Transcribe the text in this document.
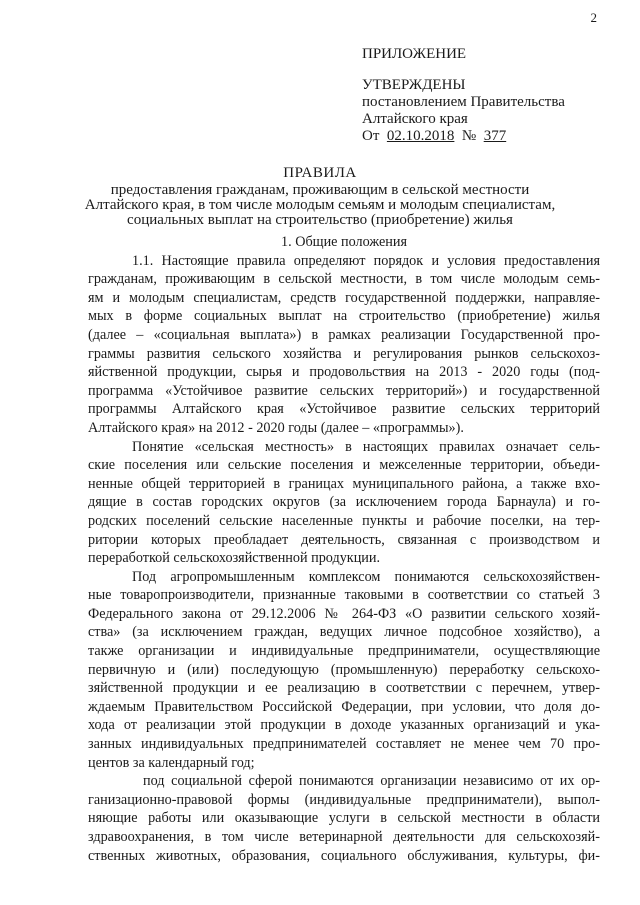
2
ПРИЛОЖЕНИЕ
УТВЕРЖДЕНЫ
постановлением Правительства
Алтайского края
От 02.10.2018 № 377
ПРАВИЛА
предоставления гражданам, проживающим в сельской местности
Алтайского края, в том числе молодым семьям и молодым специалистам,
социальных выплат на строительство (приобретение) жилья
1. Общие положения
1.1. Настоящие правила определяют порядок и условия предоставления
гражданам, проживающим в сельской местности, в том числе молодым семь-
ям и молодым специалистам, средств государственной поддержки, направляе-
мых в форме социальных выплат на строительство (приобретение) жилья
(далее – «социальная выплата») в рамках реализации Государственной про-
граммы развития сельского хозяйства и регулирования рынков сельскохоз-
яйственной продукции, сырья и продовольствия на 2013 - 2020 годы (под-
программа «Устойчивое развитие сельских территорий») и государственной
программы Алтайского края «Устойчивое развитие сельских территорий
Алтайского края» на 2012 - 2020 годы (далее – «программы»).
Понятие «сельская местность» в настоящих правилах означает сель-
ские поселения или сельские поселения и межселенные территории, объеди-
ненные общей территорией в границах муниципального района, а также вхо-
дящие в состав городских округов (за исключением города Барнаула) и го-
родских поселений сельские населенные пункты и рабочие поселки, на тер-
ритории которых преобладает деятельность, связанная с производством и
переработкой сельскохозяйственной продукции.
Под агропромышленным комплексом понимаются сельскохозяйствен-
ные товаропроизводители, признанные таковыми в соответствии со статьей 3
Федерального закона от 29.12.2006 № 264-ФЗ «О развитии сельского хозяй-
ства» (за исключением граждан, ведущих личное подсобное хозяйство), а
также организации и индивидуальные предприниматели, осуществляющие
первичную и (или) последующую (промышленную) переработку сельскохо-
зяйственной продукции и ее реализацию в соответствии с перечнем, утвер-
ждаемым Правительством Российской Федерации, при условии, что доля до-
хода от реализации этой продукции в доходе указанных организаций и ука-
занных индивидуальных предпринимателей составляет не менее чем 70 про-
центов за календарный год;
под социальной сферой понимаются организации независимо от их ор-
ганизационно-правовой формы (индивидуальные предприниматели), выпол-
няющие работы или оказывающие услуги в сельской местности в области
здравоохранения, в том числе ветеринарной деятельности для сельскохозяй-
ственных животных, образования, социального обслуживания, культуры, фи-
